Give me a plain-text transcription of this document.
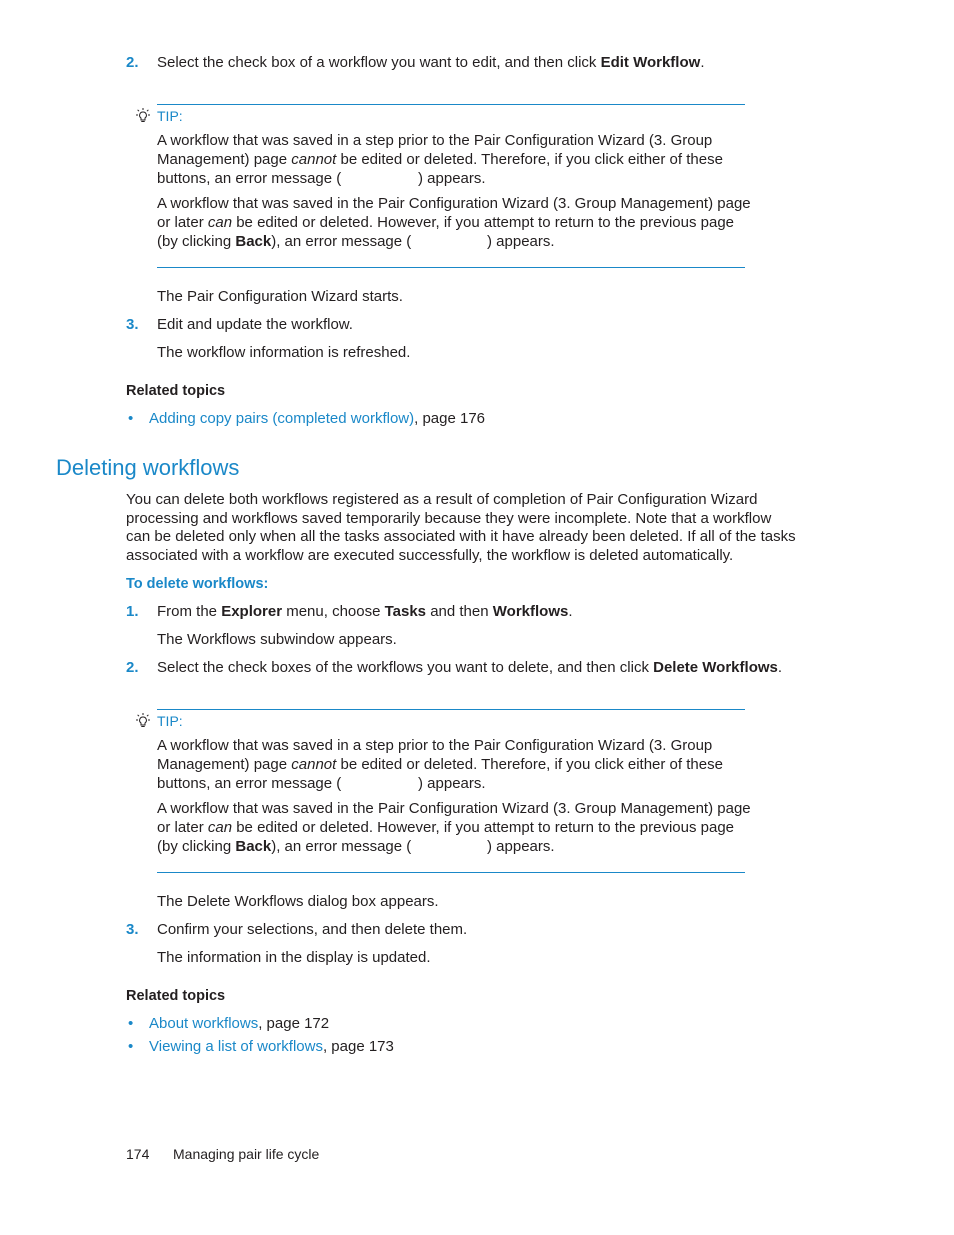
2. Select the check box of a workflow you want to edit, and then click Edit Workflow.
TIP:
A workflow that was saved in a step prior to the Pair Configuration Wizard (3. Group
Management) page cannot be edited or deleted. Therefore, if you click either of these
buttons, an error message (	) appears.
A workflow that was saved in the Pair Configuration Wizard (3. Group Management) page
or later can be edited or deleted. However, if you attempt to return to the previous page
(by clicking Back), an error message (	) appears.
The Pair Configuration Wizard starts.
3. Edit and update the workflow.
The workflow information is refreshed.
Related topics
• Adding copy pairs (completed workflow), page 176
Deleting workflows
You can delete both workflows registered as a result of completion of Pair Configuration Wizard
processing and workflows saved temporarily because they were incomplete. Note that a workflow
can be deleted only when all the tasks associated with it have already been deleted. If all of the tasks
associated with a workflow are executed successfully, the workflow is deleted automatically.
To delete workflows:
1. From the Explorer menu, choose Tasks and then Workflows.
The Workflows subwindow appears.
2. Select the check boxes of the workflows you want to delete, and then click Delete Workflows.
TIP:
A workflow that was saved in a step prior to the Pair Configuration Wizard (3. Group
Management) page cannot be edited or deleted. Therefore, if you click either of these
buttons, an error message (	) appears.
A workflow that was saved in the Pair Configuration Wizard (3. Group Management) page
or later can be edited or deleted. However, if you attempt to return to the previous page
(by clicking Back), an error message (	) appears.
The Delete Workflows dialog box appears.
3. Confirm your selections, and then delete them.
The information in the display is updated.
Related topics
• About workflows, page 172
• Viewing a list of workflows, page 173
174 Managing pair life cycle
